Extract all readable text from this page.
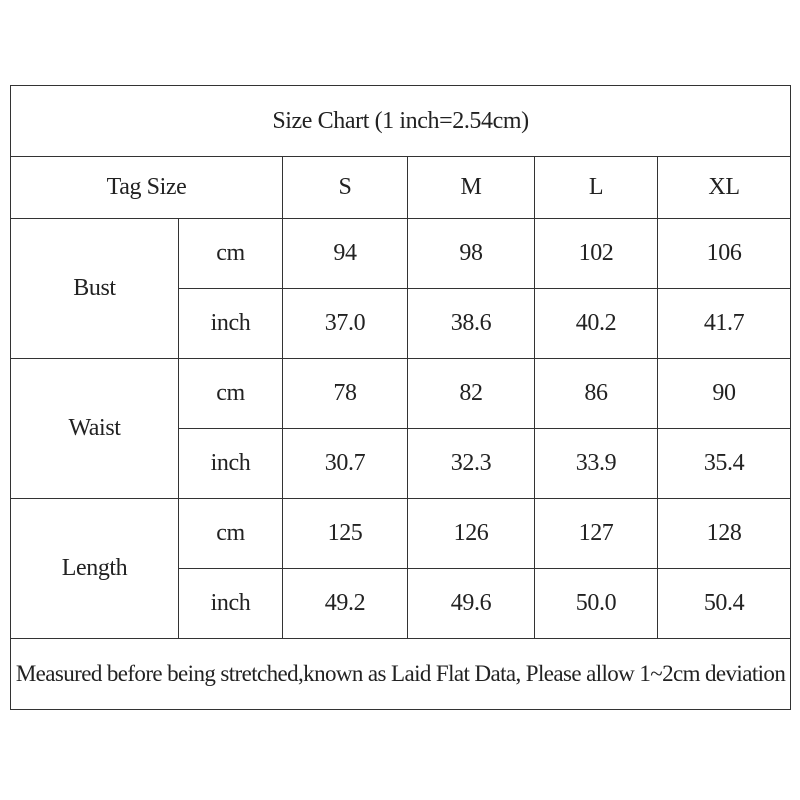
Size Chart (1 inch=2.54cm)					
Tag Size		S	M	L	XL
Bust	cm	94	98	102	106
	inch	37.0	38.6	40.2	41.7
Waist	cm	78	82	86	90
	inch	30.7	32.3	33.9	35.4
Length	cm	125	126	127	128
	inch	49.2	49.6	50.0	50.4
Measured before being stretched,known as Laid Flat Data, Please allow 1~2cm deviation					
